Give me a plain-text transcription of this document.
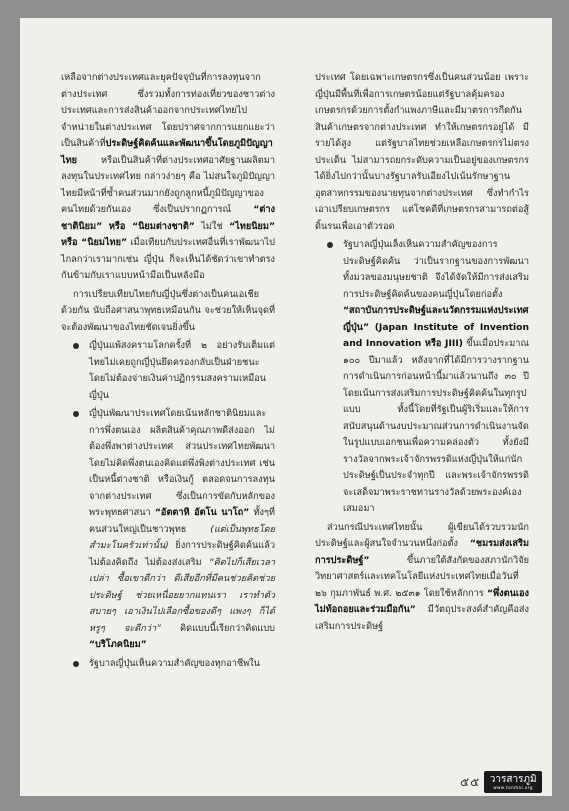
เหลือจากต่างประเทศและยุคปัจจุบันที่การลงทุนจากต่างประเทศ ซึ่งรวมทั้งการท่องเที่ยวของชาวต่างประเทศและการส่งสินค้าออกจากประเทศไทยไปจำหน่ายในต่างประเทศ โดยปราศจากการแยกแยะว่าเป็นสินค้าที่ประดิษฐ์คิดค้นและพัฒนาขึ้นโดยภูมิปัญญาไทย หรือเป็นสินค้าที่ต่างประเทศอาศัยฐานผลิตมาลงทุนในประเทศไทย กล่าวง่ายๆ คือ ไม่สนใจภูมิปัญญาไทยมีหน้าที่ซ้ำคนส่วนมากยังถูกลูกหนี้ภูมิปัญญาของคนไทยด้วยกันเอง ซึ่งเป็นปรากฏการณ์ “ต่างชาตินิยม” หรือ “นิยมต่างชาติ” ไม่ใช่ “ไทยนิยม” หรือ “นิยมไทย” เมื่อเทียบกับประเทศอื่นที่เราพัฒนาไปไกลกว่าเรามากเช่น ญี่ปุ่น ก็จะเห็นได้ชัดว่าเขาทำตรงกันข้ามกับเราแบบหน้ามือเป็นหลังมือ

การเปรียบเทียบไทยกับญี่ปุ่นซึ่งต่างเป็นคนเอเชียด้วยกัน นับถือศาสนาพุทธเหมือนกัน จะช่วยให้เห็นจุดที่จะต้องพัฒนาของไทยชัดเจนยิ่งขึ้น

ญี่ปุ่นแพ้สงครามโลกครั้งที่ ๒ อย่างรับเต็มแต่ไทยไม่เคยถูกญี่ปุ่นยึดครองกลับเป็นฝ่ายชนะโดยไม่ต้องจ่ายเงินค่าปฏิกรรมสงครามเหมือนญี่ปุ่น

ญี่ปุ่นพัฒนาประเทศโดยเน้นหลักชาตินิยมและการพึ่งตนเอง ผลิตสินค้าคุณภาพดีส่งออก ไม่ต้องพึ่งพาต่างประเทศ ส่วนประเทศไทยพัฒนาโดยไม่คิดพึ่งตนเองคิดแต่พึ่งพิงต่างประเทศ เช่นเป็นหนี้ต่างชาติ หรือเงินกู้ ตลอดจนการลงทุนจากต่างประเทศ ซึ่งเป็นการขัดกับหลักของพระพุทธศาสนา “อัตตาหิ อัตโน นาโถ” ทั้งๆที่คนส่วนใหญ่เป็นชาวพุทธ (แต่เป็นพุทธโดยสำมะโนครัวเท่านั้น) ยิ่งการประดิษฐ์คิดค้นแล้วไม่ต้องคิดถึง ไม่ต้องส่งเสริม “คิดไปก็เสียเวลาเปล่า ซื้อเขาดีกว่า ดีเสียอีกที่มีคนช่วยคิดช่วยประดิษฐ์ ช่วยเหนื่อยยากแทนเรา เราทำตัวสบายๆ เอาเงินไปเลือกซื้อของดีๆ แพงๆ ก็ได้ หรูๆ จะดีกว่า” คิดแบบนี้เรียกว่าคิดแบบ “บริโภคนิยม”

รัฐบาลญี่ปุ่นเห็นความสำคัญของทุกอาชีพใน

ประเทศ โดยเฉพาะเกษตรกรซึ่งเป็นคนส่วนน้อย เพราะญี่ปุ่นมีพื้นที่เพื่อการเกษตรน้อยแต่รัฐบาลคุ้มครองเกษตรกรด้วยการตั้งกำแพงภาษีและมีมาตรการกีดกันสินค้าเกษตรจากต่างประเทศ ทำให้เกษตรกรอยู่ได้ มีรายได้สูง แต่รัฐบาลไทยช่วยเหลือเกษตรกรไม่ตรงประเด็น ไม่สามารถยกระดับความเป็นอยู่ของเกษตรกรได้ยิ่งไปกว่านั้นบางรัฐบาลรับเอียงไปเน้นรักษาฐานอุตสาหกรรมของนายทุนจากต่างประเทศ ซึ่งทำกำไรเอาเปรียบเกษตรกร แต่โชคดีที่เกษตรกรสามารถต่อสู้ดิ้นรนเพื่อเอาตัวรอด

รัฐบาลญี่ปุ่นเล็งเห็นความสำคัญของการประดิษฐ์คิดค้น ว่าเป็นรากฐานของการพัฒนาทั้งมวลของมนุษยชาติ จึงได้จัดให้มีการส่งเสริมการประดิษฐ์คิดค้นของคนญี่ปุ่นโดยก่อตั้ง “สถาบันการประดิษฐ์และนวัตกรรมแห่งประเทศญี่ปุ่น” (Japan Institute of Invention and Innovation หรือ JIII) ขึ้นเมื่อประมาณ ๑๐๐ ปีมาแล้ว หลังจากที่ได้มีการวางรากฐาน การดำเนินการก่อนหน้านี้มาแล้วนานถึง ๓๐ ปี โดยเน้นการส่งเสริมการประดิษฐ์คิดค้นในทุกรูปแบบ ทั้งนี้โดยที่รัฐเป็นผู้ริเริ่มและให้การสนับสนุนด้านงบประมาณส่วนการดำเนินงานจัดในรูปแบบเอกชนเพื่อความคล่องตัว ทั้งยังมีรางวัลจากพระเจ้าจักรพรรดิแห่งญี่ปุ่นให้แก่นักประดิษฐ์เป็นประจำทุกปี และพระเจ้าจักรพรรดิจะเสด็จมาพระราชทานรางวัลด้วยพระองค์เองเสมอมา

ส่วนกรณีประเทศไทยนั้น ผู้เขียนได้รวบรวมนักประดิษฐ์และผู้สนใจจำนวนหนึ่งก่อตั้ง “ชมรมส่งเสริมการประดิษฐ์” ขึ้นภายใต้สังกัดของสภานักวิจัยวิทยาศาสตร์และเทคโนโลยีแห่งประเทศไทยเมื่อวันที่ ๒๖ กุมภาพันธ์ พ.ศ. ๒๕๓๑ โดยใช้หลักการ “พึ่งตนเอง ไม่ท้อถอยและร่วมมือกัน” มีวัตถุประสงค์สำคัญคือส่งเสริมการประดิษฐ์

๕๕ วารสารภูมิ
www.tonmai.org
